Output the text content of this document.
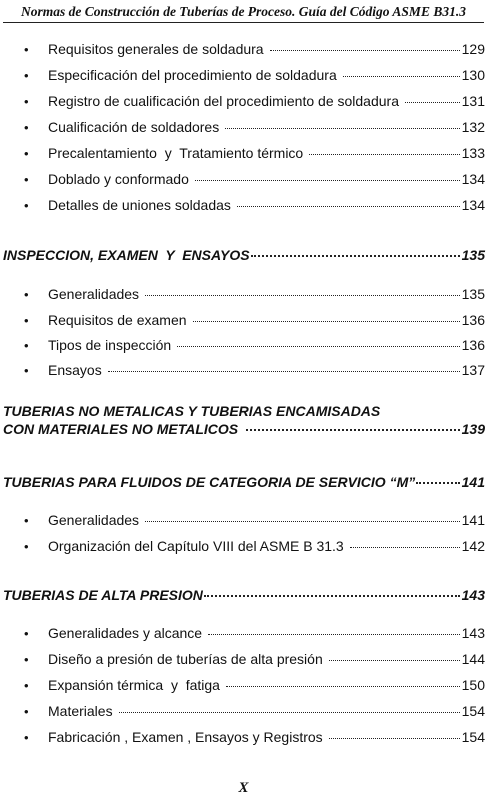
Normas de Construcción de Tuberías de Proceso. Guía del Código ASME B31.3
•	Requisitos generales de soldadura	129
•	Especificación del procedimiento de soldadura	130
•	Registro de cualificación del procedimiento de soldadura	131
•	Cualificación de soldadores	132
•	Precalentamiento  y  Tratamiento térmico	133
•	Doblado y conformado	134
•	Detalles de uniones soldadas	134
INSPECCION, EXAMEN  Y  ENSAYOS	135
•	Generalidades	135
•	Requisitos de examen	136
•	Tipos de inspección	136
•	Ensayos	137
TUBERIAS NO METALICAS Y TUBERIAS ENCAMISADAS
CON MATERIALES NO METALICOS	139
TUBERIAS PARA FLUIDOS DE CATEGORIA DE SERVICIO “M”	141
•	Generalidades	141
•	Organización del Capítulo VIII del ASME B 31.3	142
TUBERIAS DE ALTA PRESION	143
•	Generalidades y alcance	143
•	Diseño a presión de tuberías de alta presión	144
•	Expansión térmica  y  fatiga	150
•	Materiales	154
•	Fabricación , Examen , Ensayos y Registros	154
X
